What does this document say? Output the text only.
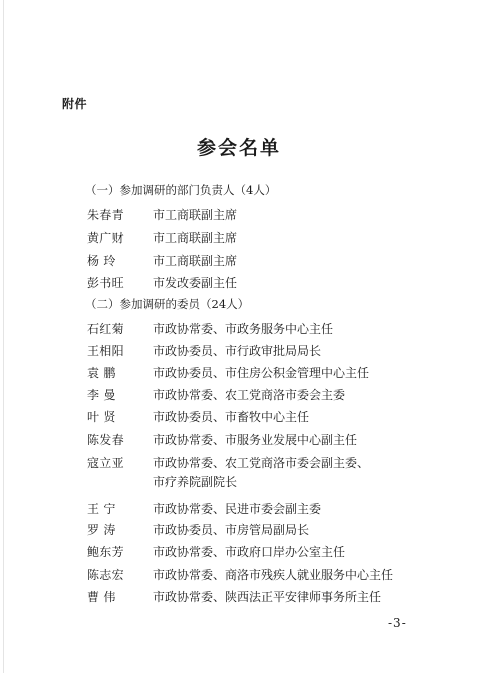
附件
参会名单
（一）参加调研的部门负责人（4人）
朱春青 市工商联副主席
黄广财 市工商联副主席
杨 玲	市工商联副主席
彭书旺 市发改委副主任
（二）参加调研的委员（24人）
石红菊 市政协常委、市政务服务中心主任
王相阳 市政协委员、市行政审批局局长
袁 鹏	市政协委员、市住房公积金管理中心主任
李 曼	市政协常委、农工党商洛市委会主委
叶 贤	市政协委员、市畜牧中心主任
陈发春 市政协常委、市服务业发展中心副主任
寇立亚 市政协常委、农工党商洛市委会副主委、
市疗养院副院长
王 宁	市政协常委、民进市委会副主委
罗 涛	市政协委员、市房管局副局长
鲍东芳 市政协常委、市政府口岸办公室主任
陈志宏 市政协常委、商洛市残疾人就业服务中心主任
曹 伟	市政协常委、陕西法正平安律师事务所主任
-3-
